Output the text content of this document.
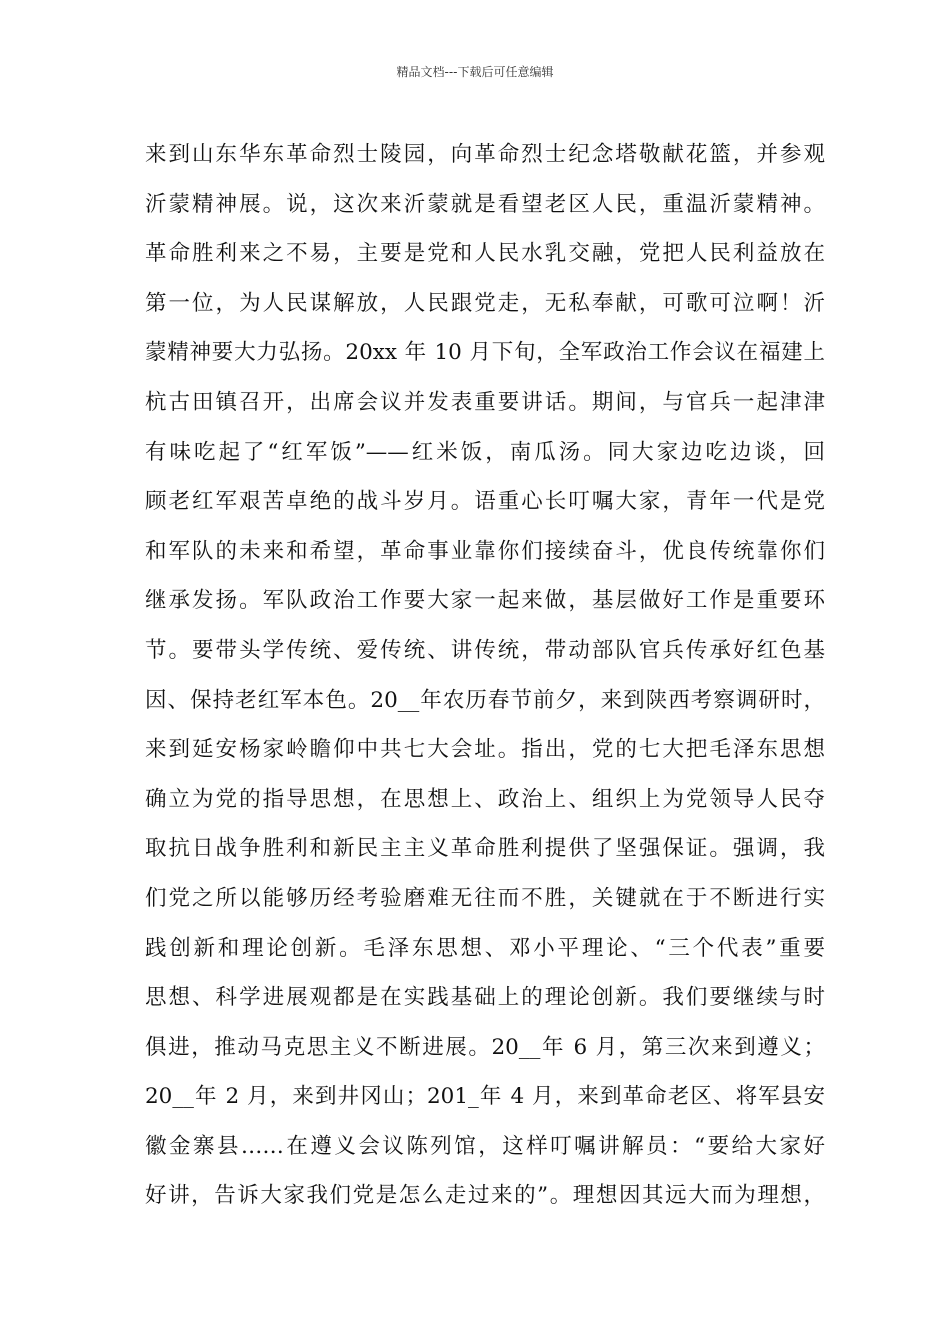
精品文档---下载后可任意编辑
来到山东华东革命烈士陵园，向革命烈士纪念塔敬献花篮，并参观
沂蒙精神展。说，这次来沂蒙就是看望老区人民，重温沂蒙精神。
革命胜利来之不易，主要是党和人民水乳交融，党把人民利益放在
第一位，为人民谋解放，人民跟党走，无私奉献，可歌可泣啊！沂
蒙精神要大力弘扬。20xx 年 10 月下旬，全军政治工作会议在福建上
杭古田镇召开，出席会议并发表重要讲话。期间，与官兵一起津津
有味吃起了“红军饭”——红米饭，南瓜汤。同大家边吃边谈，回
顾老红军艰苦卓绝的战斗岁月。语重心长叮嘱大家，青年一代是党
和军队的未来和希望，革命事业靠你们接续奋斗，优良传统靠你们
继承发扬。军队政治工作要大家一起来做，基层做好工作是重要环
节。要带头学传统、爱传统、讲传统，带动部队官兵传承好红色基
因、保持老红军本色。20__年农历春节前夕，来到陕西考察调研时，
来到延安杨家岭瞻仰中共七大会址。指出，党的七大把毛泽东思想
确立为党的指导思想，在思想上、政治上、组织上为党领导人民夺
取抗日战争胜利和新民主主义革命胜利提供了坚强保证。强调，我
们党之所以能够历经考验磨难无往而不胜，关键就在于不断进行实
践创新和理论创新。毛泽东思想、邓小平理论、“三个代表”重要
思想、科学进展观都是在实践基础上的理论创新。我们要继续与时
俱进，推动马克思主义不断进展。20__年 6 月，第三次来到遵义；
20__年 2 月，来到井冈山；201_年 4 月，来到革命老区、将军县安
徽金寨县……在遵义会议陈列馆，这样叮嘱讲解员：“要给大家好
好讲，告诉大家我们党是怎么走过来的”。理想因其远大而为理想，
